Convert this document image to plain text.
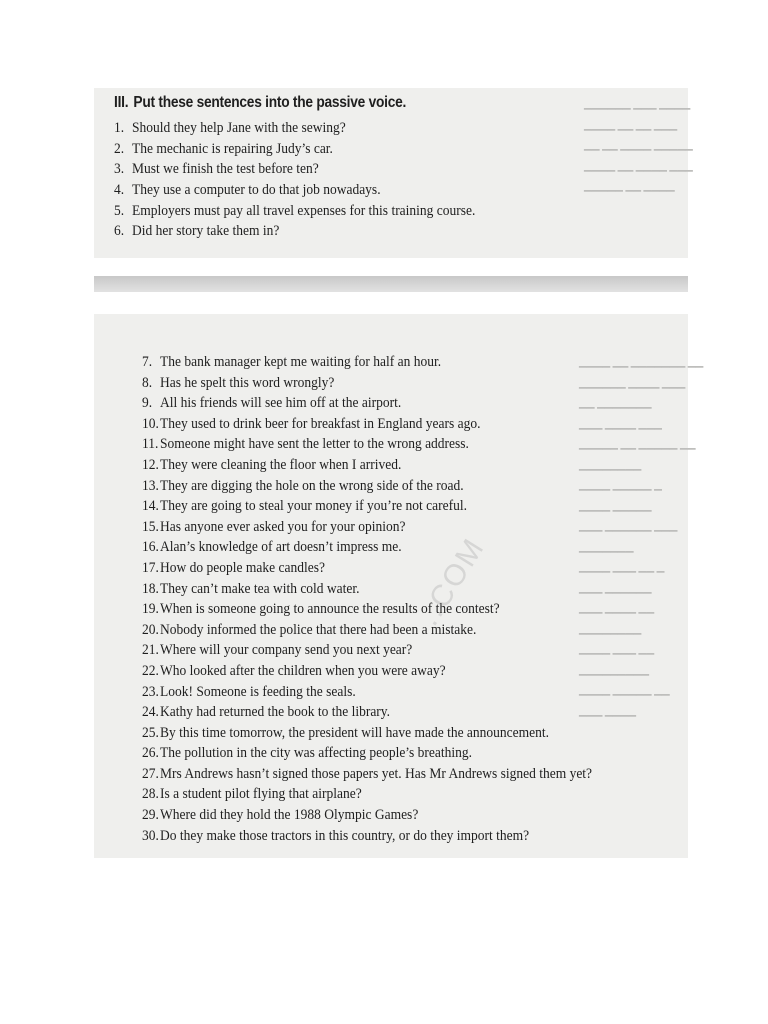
▁▁▁▁▁▁ ▁▁▁ ▁▁▁▁
▁▁▁▁ ▁▁ ▁▁ ▁▁▁
▁▁ ▁▁ ▁▁▁▁ ▁▁▁▁▁
▁▁▁▁ ▁▁ ▁▁▁▁ ▁▁▁
▁▁▁▁▁ ▁▁ ▁▁▁▁
III. Put these sentences into the passive voice.
1. Should they help Jane with the sewing?
2. The mechanic is repairing Judy’s car.
3. Must we finish the test before ten?
4. They use a computer to do that job nowadays.
5. Employers must pay all travel expenses for this training course.
6. Did her story take them in?
▁▁▁▁ ▁▁ ▁▁▁▁▁▁▁ ▁▁
▁▁▁▁▁▁ ▁▁▁▁ ▁▁▁
▁▁ ▁▁▁▁▁▁▁
▁▁▁ ▁▁▁▁ ▁▁▁
▁▁▁▁▁ ▁▁ ▁▁▁▁▁ ▁▁
▁▁▁▁▁▁▁▁
▁▁▁▁ ▁▁▁▁▁ ▁
▁▁▁▁ ▁▁▁▁▁
▁▁▁ ▁▁▁▁▁▁ ▁▁▁
▁▁▁▁▁▁▁
▁▁▁▁ ▁▁▁ ▁▁ ▁
▁▁▁ ▁▁▁▁▁▁
▁▁▁ ▁▁▁▁ ▁▁
▁▁▁▁▁▁▁▁
▁▁▁▁ ▁▁▁ ▁▁
▁▁▁▁▁▁▁▁▁
▁▁▁▁ ▁▁▁▁▁ ▁▁
▁▁▁ ▁▁▁▁
7. The bank manager kept me waiting for half an hour.
8. Has he spelt this word wrongly?
9. All his friends will see him off at the airport.
10.They used to drink beer for breakfast in England years ago.
11. Someone might have sent the letter to the wrong address.
12.They were cleaning the floor when I arrived.
13.They are digging the hole on the wrong side of the road.
14.They are going to steal your money if you’re not careful.
15.Has anyone ever asked you for your opinion?
16.Alan’s knowledge of art doesn’t impress me.
17.How do people make candles?
18.They can’t make tea with cold water.
19.When is someone going to announce the results of the contest?
20.Nobody informed the police that there had been a mistake.
21.Where will your company send you next year?
22.Who looked after the children when you were away?
23.Look! Someone is feeding the seals.
24.Kathy had returned the book to the library.
25.By this time tomorrow, the president will have made the announcement.
26.The pollution in the city was affecting people’s breathing.
27.Mrs Andrews hasn’t signed those papers yet. Has Mr Andrews signed them yet?
28.Is a student pilot flying that airplane?
29.Where did they hold the 1988 Olympic Games?
30.Do they make those tractors in this country, or do they import them?
..COM
